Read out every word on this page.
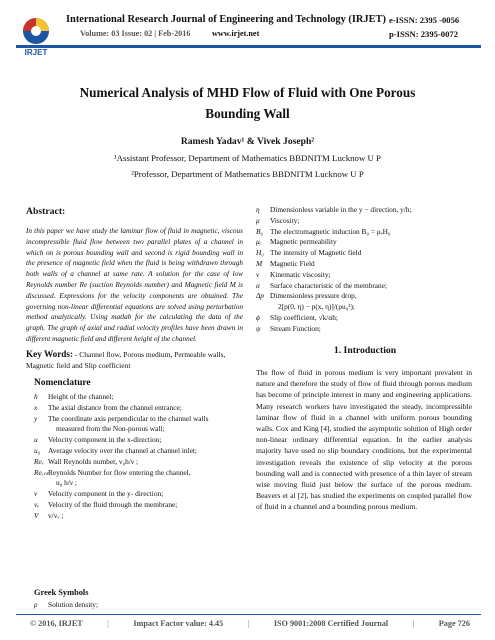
IRJET
International Research Journal of Engineering and Technology (IRJET) e-ISSN: 2395 -0056
Volume: 03 Issue: 02 | Feb-2016	www.irjet.net	p-ISSN: 2395-0072
Numerical Analysis of MHD Flow of Fluid with One Porous
Bounding Wall
Ramesh Yadav¹ & Vivek Joseph²
¹Assistant Professor, Department of Mathematics BBDNITM Lucknow U P
²Professor, Department of Mathematics BBDNITM Lucknow U P
Abstract:
In this paper we have study the laminar flow of fluid in magnetic, viscous incompressible fluid flow between two parallel plates of a channel in which on is porous bounding wall and second is rigid bounding wall in the presence of magnetic field when the fluid is being withdrawn through both walls of a channel at same rate. A solution for the case of low Reynolds number Re (suction Reynolds number) and Magnetic field M is discussed. Expressions for the velocity components are obtained. The governing non-linear differential equations are solved using perturbation method analytically. Using matlab for the calculating the data of the graph. The graph of axial and radial velocity profiles have been drawn in different magnetic field and different height of the channel.
Key Words: - Channel flow, Porous medium, Permeable walls, Magnetic field and Slip coefficient
Nomenclature
h	Height of the channel;
x	The axial distance from the channel entrance;
y	The coordinate axis perpendicular to the channel walls
measured from the Non-porous wall;
u	Velocity component in the x-direction;
u₀	Average velocity over the channel at channel inlet;
Reᵥ Wall Reynolds number, v₀h/ν ;
Reₑₙₜ Reynolds Number for flow entering the channel,
u₀ h/ν ;
v	Velocity component in the y- direction;
vᵥ	Velocity of the fluid through the membrane;
V	v/vᵥ ;
Greek Symbols
ρ	Solution density;
η	Dimensionless variable in the y − direction, y/h;
μ	Viscosity;
B₀ The electromagnetic induction B₀ = μₑH₀
μₑ	Magnetic permeability
H₀ The intensity of Magnetic field
M	Magnetic Field
ν	Kinematic viscosity;
α	Surface characteristic of the membrane;
Δp Dimensionless pressure drop,
2[p(0, η) − p(x, η)]/(ρu₀²);
ϕ	Slip coefficient, √k/αh;
ψ	Stream Function;
1. Introduction
The flow of fluid in porous medium is very important prevalent in nature and therefore the study of flow of fluid through porous medium has become of principle interest in many and engineering applications. Many research workers have investigated the steady, incompressible laminar flow of fluid in a channel with uniform porous bounding walls. Cox and King [4], studied the asymptotic solution of High order non-linear ordinary differential equation. In the earlier analysis majority have used no slip boundary conditions, but the experimental investigation reveals the existence of slip velocity at the porous bounding wall and is connected with presence of a thin layer of stream wise moving fluid just below the surface of the porous medium. Beavers et al [2], has studied the experiments on coupled parallel flow of fluid in a channel and a bounding porous medium.
© 2016, IRJET	|	Impact Factor value: 4.45	|	ISO 9001:2008 Certified Journal	|	Page 726
